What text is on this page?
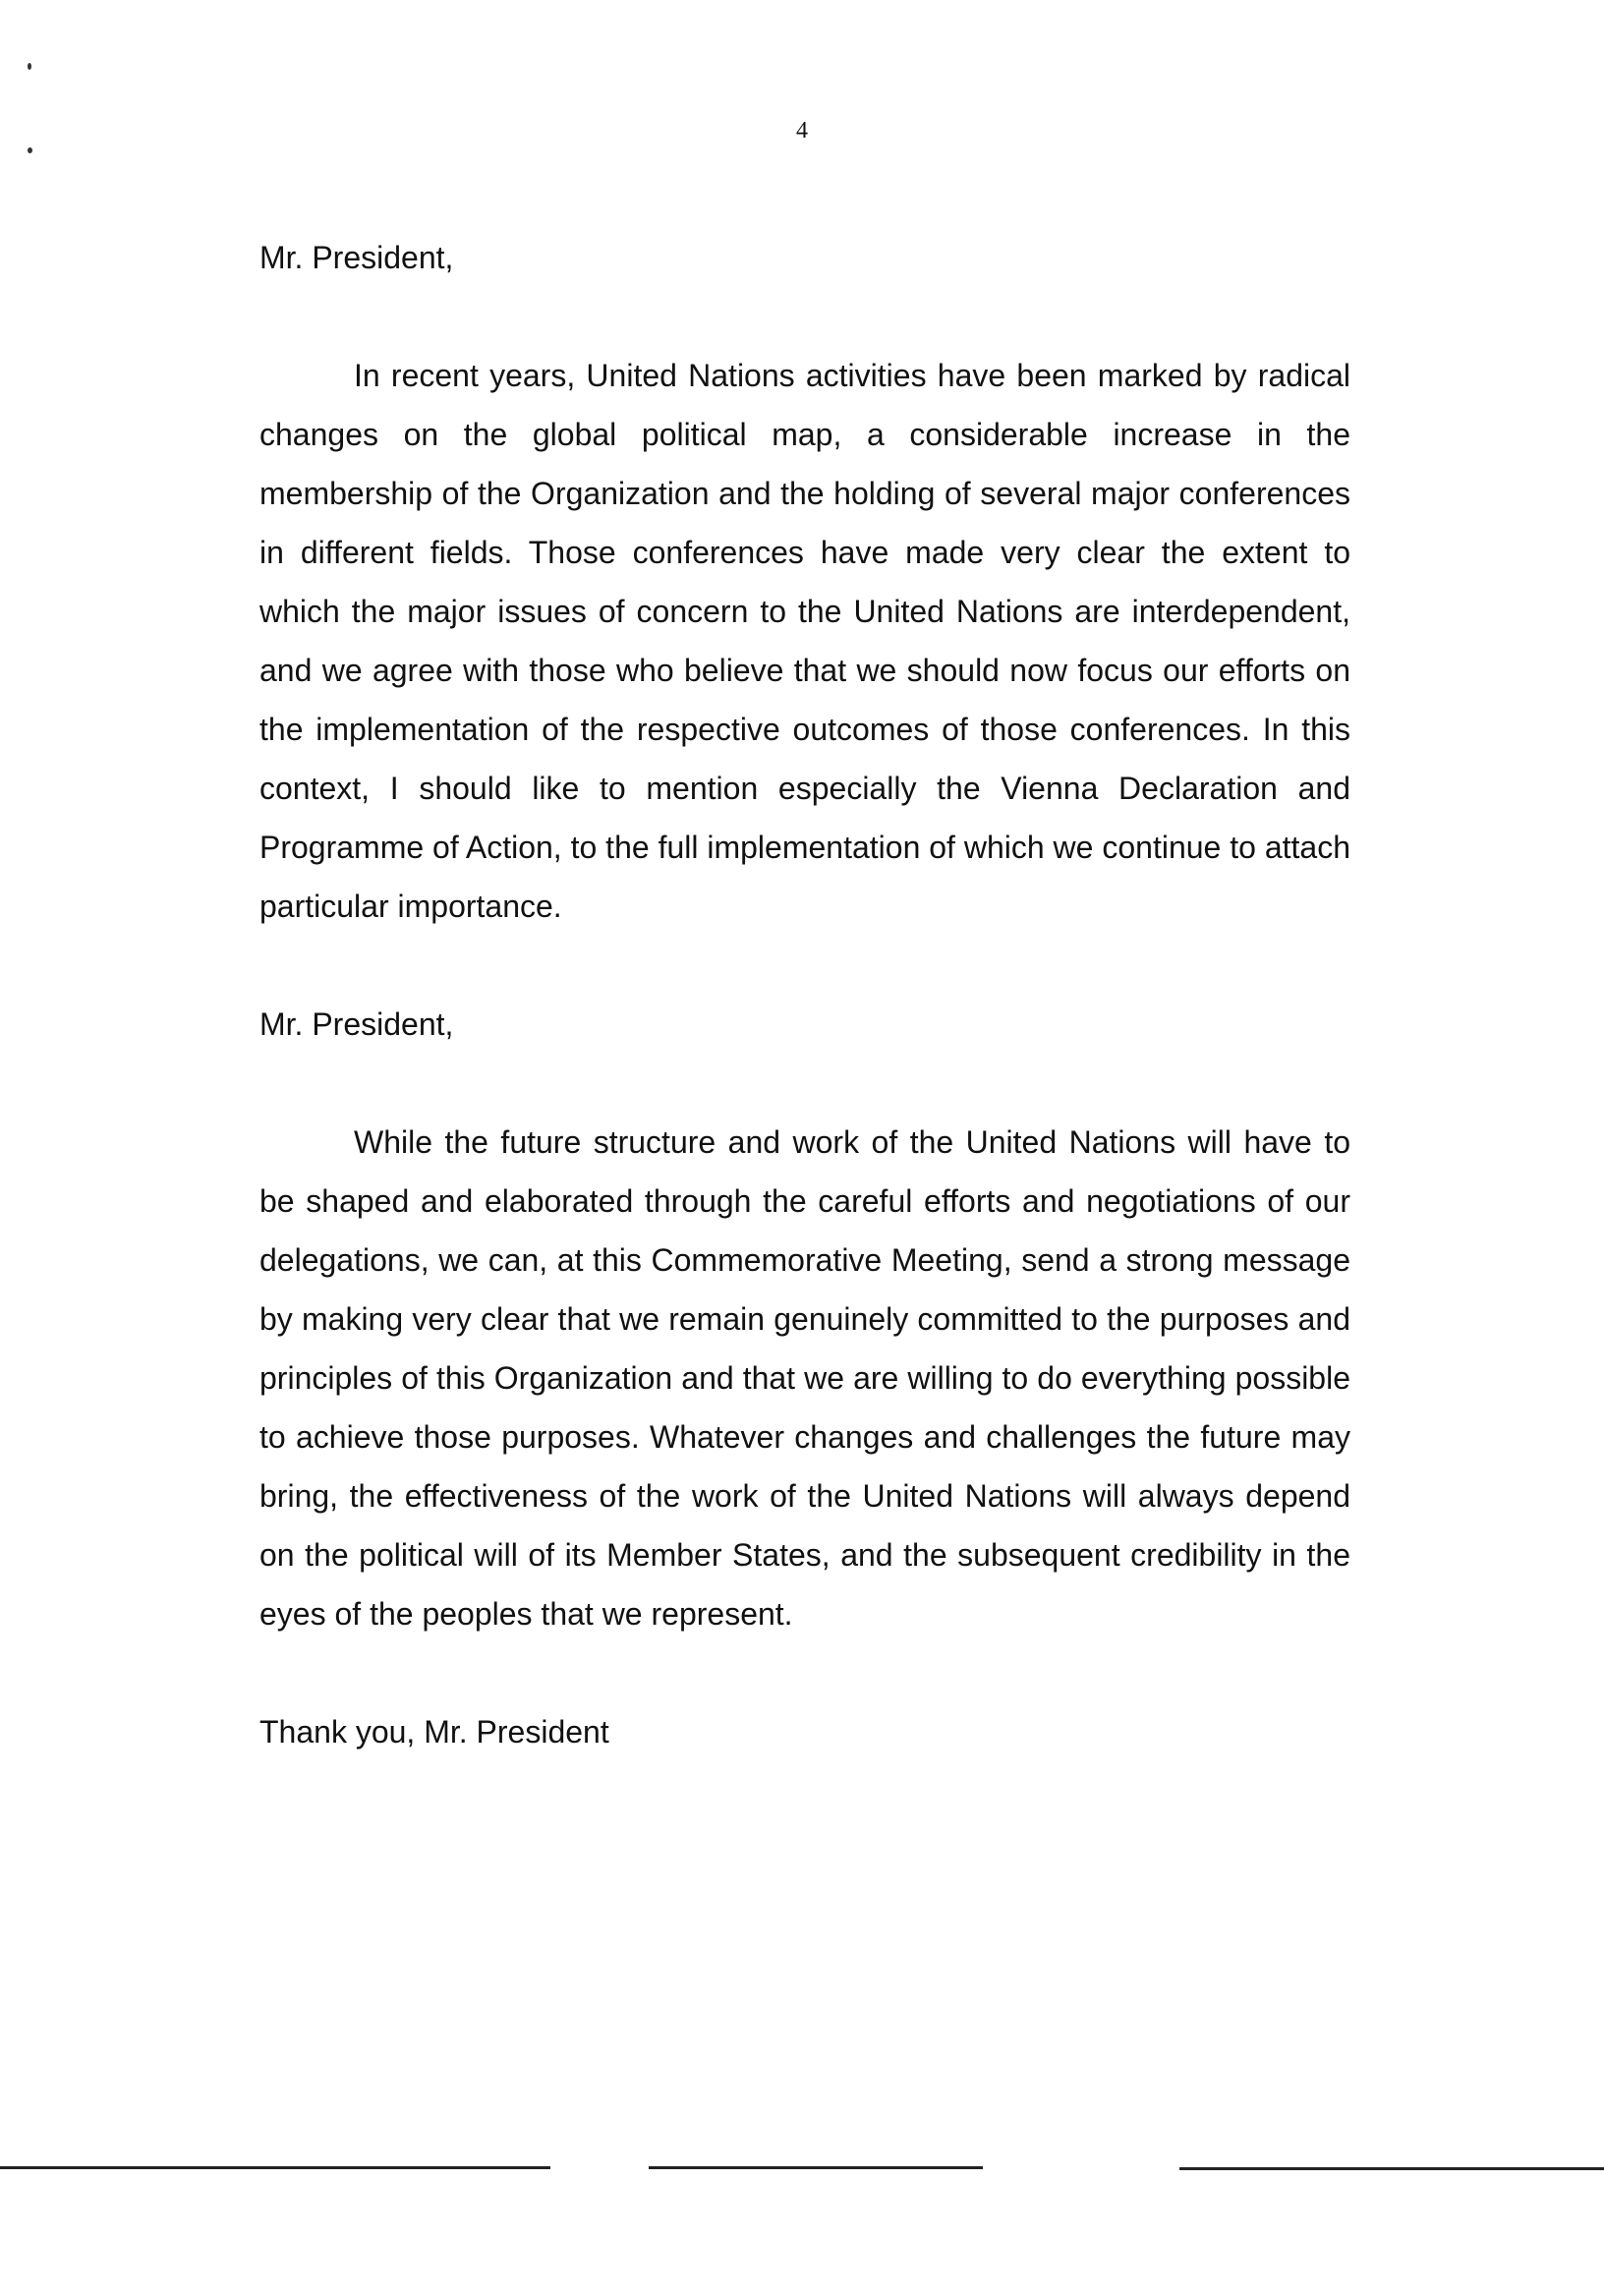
4

Mr. President,

In recent years, United Nations activities have been marked by radical changes on the global political map, a considerable increase in the membership of the Organization and the holding of several major conferences in different fields. Those conferences have made very clear the extent to which the major issues of concern to the United Nations are interdependent, and we agree with those who believe that we should now focus our efforts on the implementation of the respective outcomes of those conferences. In this context, I should like to mention especially the Vienna Declaration and Programme of Action, to the full implementation of which we continue to attach particular importance.

Mr. President,

While the future structure and work of the United Nations will have to be shaped and elaborated through the careful efforts and negotiations of our delegations, we can, at this Commemorative Meeting, send a strong message by making very clear that we remain genuinely committed to the purposes and principles of this Organization and that we are willing to do everything possible to achieve those purposes. Whatever changes and challenges the future may bring, the effectiveness of the work of the United Nations will always depend on the political will of its Member States, and the subsequent credibility in the eyes of the peoples that we represent.

Thank you, Mr. President
